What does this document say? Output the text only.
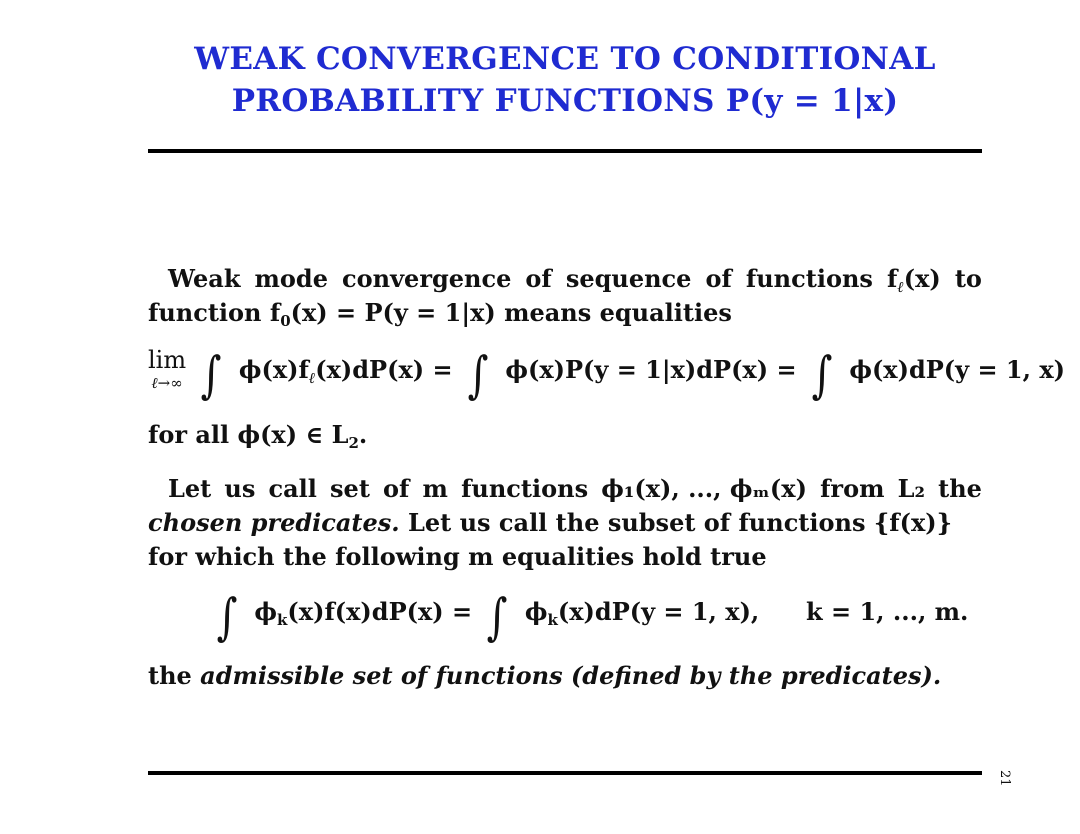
WEAK CONVERGENCE TO CONDITIONAL
PROBABILITY FUNCTIONS P(y = 1|x)
Weak mode convergence of sequence of functions fℓ(x) to
function $f_0(x) = P(y = 1|x)$ means equalities
lim
ℓ→∞ ∫ $\phi(x)f_\ell(x)dP(x)$ = ∫ ϕ(x)P(y = 1|x)dP(x) = ∫ ϕ(x)dP(y = 1, x)
for all ϕ(x) ∈ $L_2$.
Let us call set of m functions ϕ₁(x), ..., ϕₘ(x) from L₂ the
chosen predicates. Let us call the subset of functions {f(x)}
for which the following m equalities hold true
∫ $\phi_k(x)f(x)dP(x)$ = ∫ $\phi_k(x)dP(y = 1$, x), k = 1, ..., m.
the admissible set of functions (defined by the predicates).
21
